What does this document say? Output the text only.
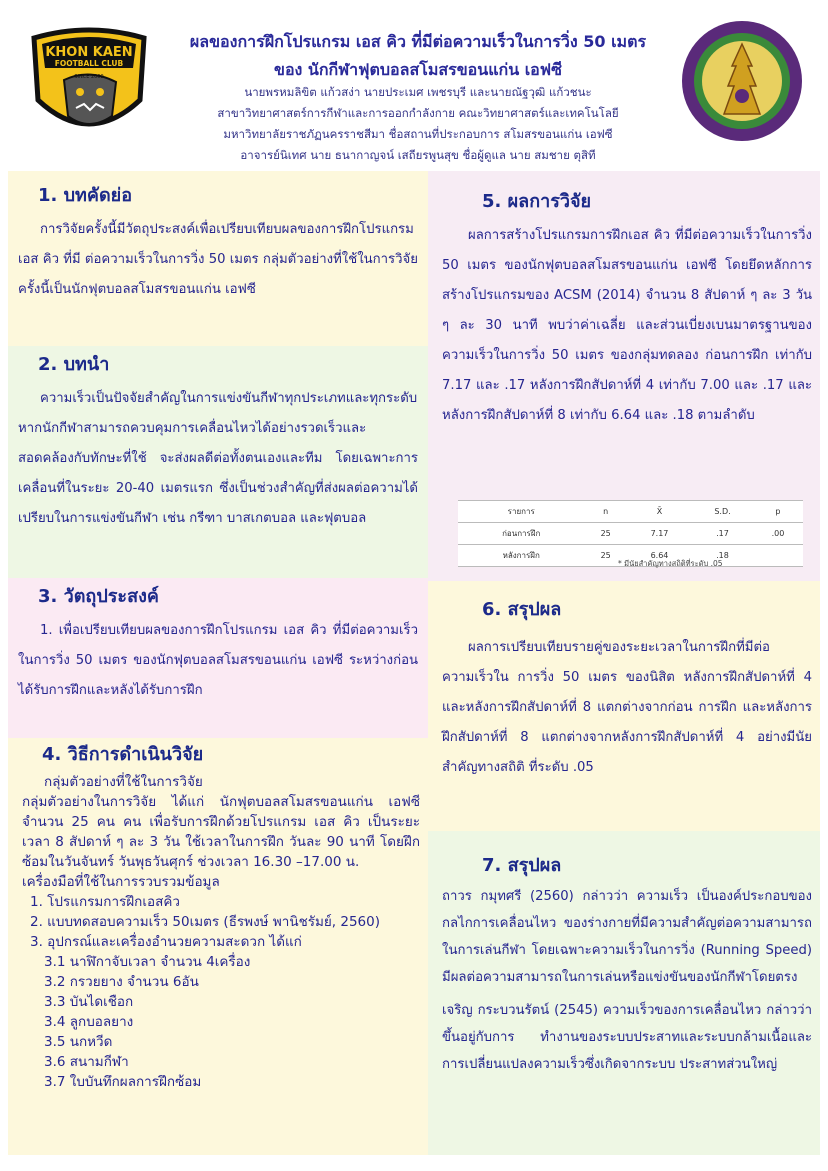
KHON KAEN
FOOTBALL CLUB
SINCE 2009
ผลของการฝึกโปรแกรม เอส คิว ที่มีต่อความเร็วในการวิ่ง 50 เมตร
ของ นักกีฬาฟุตบอลสโมสรขอนแก่น เอฟซี
นายพรหมลิขิต แก้วสง่า นายประเมศ เพชรบุรี และนายณัฐวุฒิ แก้วชนะ
สาขาวิทยาศาสตร์การกีฬาและการออกกำลังกาย คณะวิทยาศาสตร์และเทคโนโลยี
มหาวิทยาลัยราชภัฏนครราชสีมา ชื่อสถานที่ประกอบการ สโมสรขอนแก่น เอฟซี
อาจารย์นิเทศ นาย ธนากาญจน์ เสถียรพูนสุข ชื่อผู้ดูแล นาย สมชาย ตุสิที

1. บทคัดย่อ

การวิจัยครั้งนี้มีวัตถุประสงค์เพื่อเปรียบเทียบผลของการฝึกโปรแกรม เอส คิว ที่มี ต่อความเร็วในการวิ่ง 50 เมตร กลุ่มตัวอย่างที่ใช้ในการวิจัยครั้งนี้เป็นนักฟุตบอลสโมสรขอนแก่น เอฟซี

2. บทนำ

ความเร็วเป็นปัจจัยสำคัญในการแข่งขันกีฬาทุกประเภทและทุกระดับ หากนักกีฬาสามารถควบคุมการเคลื่อนไหวได้อย่างรวดเร็วและสอดคล้องกับทักษะที่ใช้ จะส่งผลดีต่อทั้งตนเองและทีม โดยเฉพาะการเคลื่อนที่ในระยะ 20-40 เมตรแรก ซึ่งเป็นช่วงสำคัญที่ส่งผลต่อความได้เปรียบในการแข่งขันกีฬา เช่น กรีฑา บาสเกตบอล และฟุตบอล

3. วัตถุประสงค์

1. เพื่อเปรียบเทียบผลของการฝึกโปรแกรม เอส คิว ที่มีต่อความเร็วในการวิ่ง 50 เมตร ของนักฟุตบอลสโมสรขอนแก่น เอฟซี ระหว่างก่อนได้รับการฝึกและหลังได้รับการฝึก

4. วิธีการดำเนินวิจัย

กลุ่มตัวอย่างที่ใช้ในการวิจัย

กลุ่มตัวอย่างในการวิจัย ได้แก่ นักฟุตบอลสโมสรขอนแก่น เอฟซี จำนวน 25 คน คน เพื่อรับการฝึกด้วยโปรแกรม เอส คิว เป็นระยะเวลา 8 สัปดาห์ ๆ ละ 3 วัน ใช้เวลาในการฝึก วันละ 90 นาที โดยฝึกซ้อมในวันจันทร์ วันพุธวันศุกร์ ช่วงเวลา 16.30 –17.00 น.

เครื่องมือที่ใช้ในการรวบรวมข้อมูล

1. โปรแกรมการฝึกเอสคิว

2. แบบทดสอบความเร็ว 50เมตร (ธีรพงษ์ พานิชรัมย์, 2560)

3. อุปกรณ์และเครื่องอำนวยความสะดวก ได้แก่

3.1 นาฬิกาจับเวลา จำนวน 4เครื่อง

3.2 กรวยยาง จำนวน 6อัน

3.3 บันไดเชือก

3.4 ลูกบอลยาง

3.5 นกหวีด

3.6 สนามกีฬา

3.7 ใบบันทึกผลการฝึกซ้อม

5. ผลการวิจัย

ผลการสร้างโปรแกรมการฝึกเอส คิว ที่มีต่อความเร็วในการวิ่ง 50 เมตร ของนักฟุตบอลสโมสรขอนแก่น เอฟซี โดยยึดหลักการสร้างโปรแกรมของ ACSM (2014) จำนวน 8 สัปดาห์ ๆ ละ 3 วัน ๆ ละ 30 นาที พบว่าค่าเฉลี่ย และส่วนเบี่ยงเบนมาตรฐานของความเร็วในการวิ่ง 50 เมตร ของกลุ่มทดลอง ก่อนการฝึก เท่ากับ 7.17 และ .17 หลังการฝึกสัปดาห์ที่ 4 เท่ากับ 7.00 และ .17 และหลังการฝึกสัปดาห์ที่ 8 เท่ากับ 6.64 และ .18 ตามลำดับ

รายการ	n	X̄	S.D.	p
ก่อนการฝึก	25	7.17	.17	.00
หลังการฝึก	25	6.64	.18	
* มีนัยสำคัญทางสถิติที่ระดับ .05

6. สรุปผล

ผลการเปรียบเทียบรายคู่ของระยะเวลาในการฝึกที่มีต่อความเร็วใน การวิ่ง 50 เมตร ของนิสิต หลังการฝึกสัปดาห์ที่ 4 และหลังการฝึกสัปดาห์ที่ 8 แตกต่างจากก่อน การฝึก และหลังการฝึกสัปดาห์ที่ 8 แตกต่างจากหลังการฝึกสัปดาห์ที่ 4 อย่างมีนัยสำคัญทางสถิติ ที่ระดับ .05

7. สรุปผล

ถาวร กมุทศรี (2560) กล่าวว่า ความเร็ว เป็นองค์ประกอบของกลไกการเคลื่อนไหว ของร่างกายที่มีความสำคัญต่อความสามารถในการเล่นกีฬา โดยเฉพาะความเร็วในการวิ่ง (Running Speed) มีผลต่อความสามารถในการเล่นหรือแข่งขันของนักกีฬาโดยตรง

เจริญ กระบวนรัตน์ (2545) ความเร็วของการเคลื่อนไหว กล่าวว่าขึ้นอยู่กับการ ทำงานของระบบประสาทและระบบกล้ามเนื้อและการเปลี่ยนแปลงความเร็วซึ่งเกิดจากระบบ ประสาทส่วนใหญ่
